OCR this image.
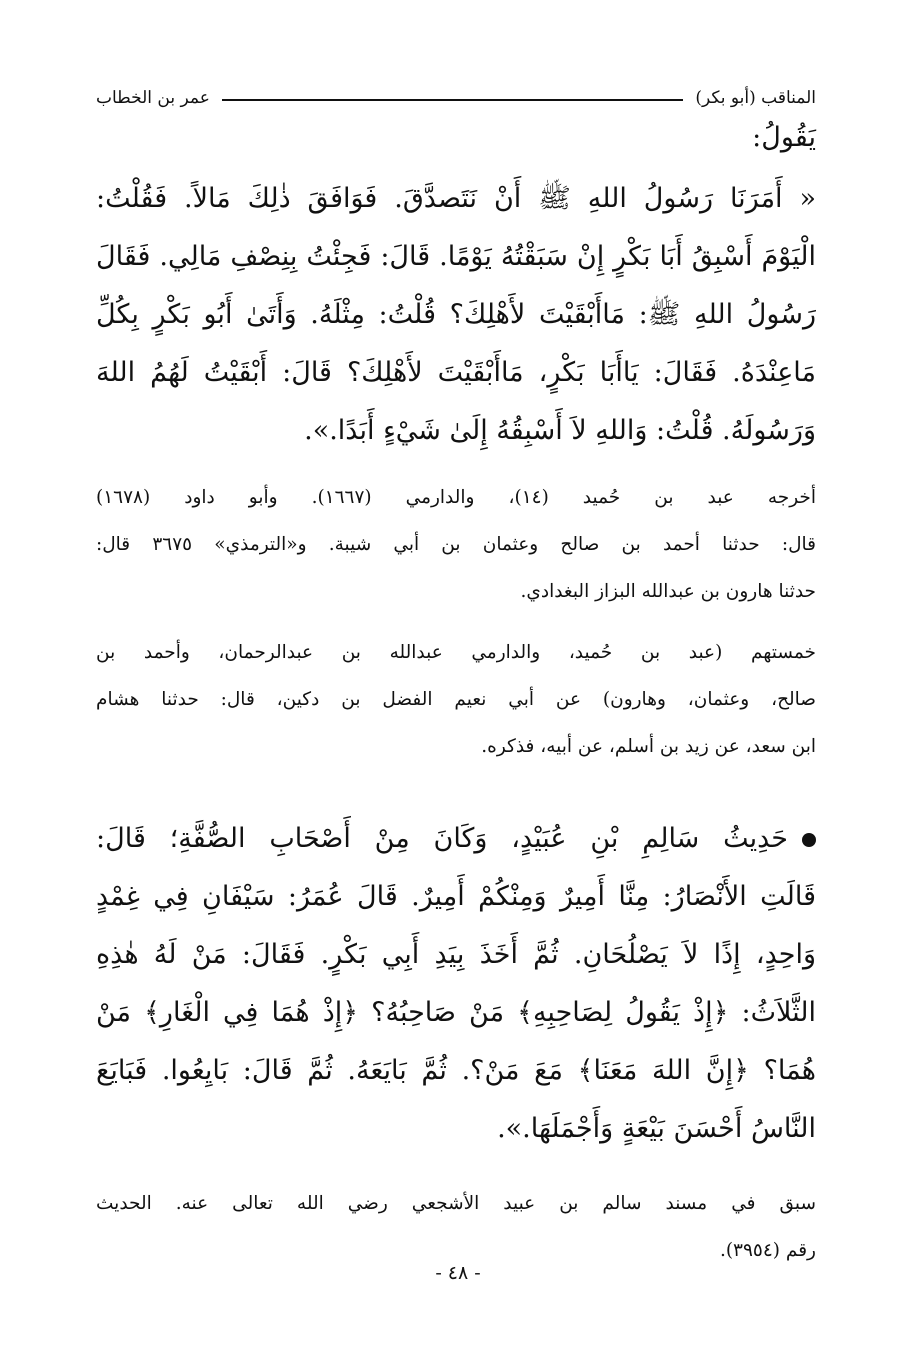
المناقب (أبو بكر)
عمر بن الخطاب
يَقُولُ:
« أَمَرَنَا رَسُولُ اللهِ ﷺ أَنْ نَتَصدَّقَ. فَوَافَقَ ذٰلِكَ مَالاً. فَقُلْتُ:
الْيَوْمَ أَسْبِقُ أَبَا بَكْرٍ إِنْ سَبَقْتُهُ يَوْمًا. قَالَ: فَجِئْتُ بِنِصْفِ مَالِي. فَقَالَ
رَسُولُ اللهِ ﷺ: مَاأَبْقَيْتَ لأَهْلِكَ؟ قُلْتُ: مِثْلَهُ. وَأَتَىٰ أَبُو بَكْرٍ بِكُلِّ
مَاعِنْدَهُ. فَقَالَ: يَاأَبَا بَكْرٍ، مَاأَبْقَيْتَ لأَهْلِكَ؟ قَالَ: أَبْقَيْتُ لَهُمُ اللهَ
وَرَسُولَهُ. قُلْتُ: وَاللهِ لاَ أَسْبِقُهُ إِلَىٰ شَيْءٍ أَبَدًا.».
أخرجه عبد بن حُميد (١٤)، والدارمي (١٦٦٧). وأبو داود (١٦٧٨)
قال: حدثنا أحمد بن صالح وعثمان بن أبي شيبة. و«الترمذي» ٣٦٧٥ قال:
حدثنا هارون بن عبدالله البزاز البغدادي.
خمستهم (عبد بن حُميد، والدارمي عبدالله بن عبدالرحمان، وأحمد بن
صالح، وعثمان، وهارون) عن أبي نعيم الفضل بن دكين، قال: حدثنا هشام
ابن سعد، عن زيد بن أسلم، عن أبيه، فذكره.
حَدِيثُ سَالِمِ بْنِ عُبَيْدٍ، وَكَانَ مِنْ أَصْحَابِ الصُّفَّةِ؛ قَالَ:
قَالَتِ الأَنْصَارُ: مِنَّا أَمِيرٌ وَمِنْكُمْ أَمِيرٌ. قَالَ عُمَرُ: سَيْفَانِ فِي غِمْدٍ
وَاحِدٍ، إِذًا لاَ يَصْلُحَانِ. ثُمَّ أَخَذَ بِيَدِ أَبِي بَكْرٍ. فَقَالَ: مَنْ لَهُ هٰذِهِ
الثَّلاَثُ: ﴿إِذْ يَقُولُ لِصَاحِبِهِ﴾ مَنْ صَاحِبُهُ؟ ﴿إِذْ هُمَا فِي الْغَارِ﴾ مَنْ
هُمَا؟ ﴿إِنَّ اللهَ مَعَنَا﴾ مَعَ مَنْ؟. ثُمَّ بَايَعَهُ. ثُمَّ قَالَ: بَايِعُوا. فَبَايَعَ
النَّاسُ أَحْسَنَ بَيْعَةٍ وَأَجْمَلَهَا.».
سبق في مسند سالم بن عبيد الأشجعي رضي الله تعالى عنه. الحديث
رقم (٣٩٥٤).
- ٤٨ -
